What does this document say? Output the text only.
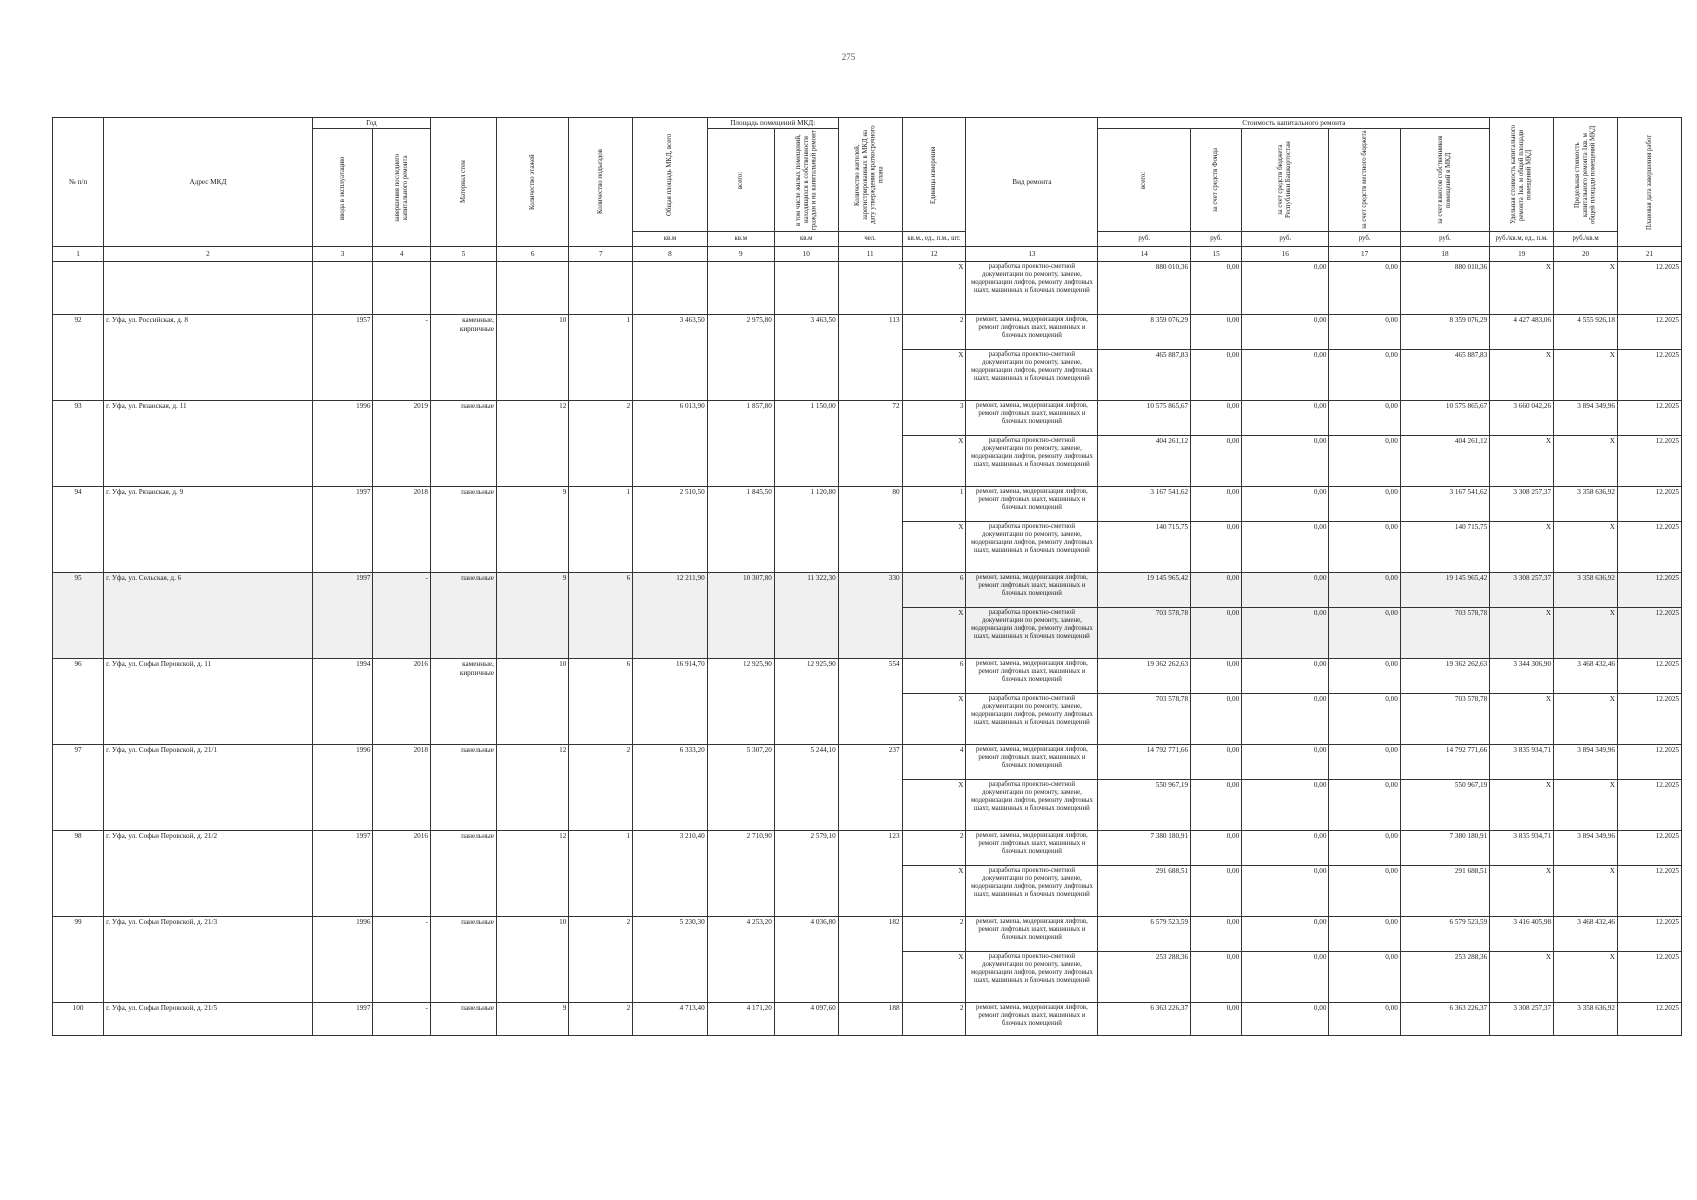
275
№ п/п	Адрес МКД	Год		Материал стен	Количество этажей	Количество подъездов	Общая площадь МКД, всего	Площадь помещений МКД:		Количество жителей, зарегистрированных в МКД на дату утверждения краткосрочного плана	Единица измерения	Вид ремонта	Стоимость капитального ремонта					Удельная стоимость капитального ремонта 1кв. м общей площади помещений МКД	Предельная стоимость капитального ремонта 1кв. м общей площади помещений МКД	Плановая дата завершения работ

		ввода в эксплуатацию	завершения последнего капитального ремонта					всего:	в том числе жилых помещений, находящихся в собственности граждан и на капитальный ремонт				всего:	за счет средств Фонда	за счет средств бюджета Республики Башкортостан	за счет средств местного бюджета	за счет взносов собственников помещений в МКД			

							кв.м	кв.м	кв.м	чел.	кв.м., ед., п.м., шт.		руб.	руб.	руб.	руб.	руб.	руб./кв.м, ед., п.м.	руб./кв.м	
1	2	3	4	5	6	7	8	9	10	11	12	13	14	15	16	17	18	19	20	21
											X	разработка проектно-сметной документации по ремонту, замене, модернизации лифтов, ремонту лифтовых шахт, машинных и блочных помещений	880 010,36	0,00	0,00	0,00	880 010,36	X	X	12.2025
92	г. Уфа, ул. Российская, д. 8	1957	-	каменные, кирпичные	10	1	3 463,50	2 975,80	3 463,50	113	2	ремонт, замена, модернизация лифтов, ремонт лифтовых шахт, машинных и блочных помещений	8 359 076,29	0,00	0,00	0,00	8 359 076,29	4 427 483,06	4 555 926,18	12.2025
											X	разработка проектно-сметной документации по ремонту, замене, модернизации лифтов, ремонту лифтовых шахт, машинных и блочных помещений	465 887,83	0,00	0,00	0,00	465 887,83	X	X	12.2025
93	г. Уфа, ул. Рязанская, д. 11	1996	2019	панельные	12	2	6 013,90	1 857,80	1 150,00	72	3	ремонт, замена, модернизация лифтов, ремонт лифтовых шахт, машинных и блочных помещений	10 575 865,67	0,00	0,00	0,00	10 575 865,67	3 660 042,26	3 894 349,96	12.2025
											X	разработка проектно-сметной документации по ремонту, замене, модернизации лифтов, ремонту лифтовых шахт, машинных и блочных помещений	404 261,12	0,00	0,00	0,00	404 261,12	X	X	12.2025
94	г. Уфа, ул. Рязанская, д. 9	1997	2018	панельные	9	1	2 510,50	1 845,50	1 120,80	80	1	ремонт, замена, модернизация лифтов, ремонт лифтовых шахт, машинных и блочных помещений	3 167 541,62	0,00	0,00	0,00	3 167 541,62	3 308 257,37	3 358 636,92	12.2025
											X	разработка проектно-сметной документации по ремонту, замене, модернизации лифтов, ремонту лифтовых шахт, машинных и блочных помещений	140 715,75	0,00	0,00	0,00	140 715,75	X	X	12.2025
95	г. Уфа, ул. Сельская, д. 6	1997	-	панельные	9	6	12 211,90	10 307,80	11 322,30	330	6	ремонт, замена, модернизация лифтов, ремонт лифтовых шахт, машинных и блочных помещений	19 145 965,42	0,00	0,00	0,00	19 145 965,42	3 308 257,37	3 358 636,92	12.2025
											X	разработка проектно-сметной документации по ремонту, замене, модернизации лифтов, ремонту лифтовых шахт, машинных и блочных помещений	703 578,78	0,00	0,00	0,00	703 578,78	X	X	12.2025
96	г. Уфа, ул. Софьи Перовской, д. 11	1994	2016	каменные, кирпичные	10	6	16 914,70	12 925,90	12 925,90	554	6	ремонт, замена, модернизация лифтов, ремонт лифтовых шахт, машинных и блочных помещений	19 362 262,63	0,00	0,00	0,00	19 362 262,63	3 344 306,90	3 468 432,46	12.2025
											X	разработка проектно-сметной документации по ремонту, замене, модернизации лифтов, ремонту лифтовых шахт, машинных и блочных помещений	703 578,78	0,00	0,00	0,00	703 578,78	X	X	12.2025
97	г. Уфа, ул. Софьи Перовской, д. 21/1	1996	2018	панельные	12	2	6 333,20	5 307,20	5 244,10	237	4	ремонт, замена, модернизация лифтов, ремонт лифтовых шахт, машинных и блочных помещений	14 792 771,66	0,00	0,00	0,00	14 792 771,66	3 835 934,71	3 894 349,96	12.2025
											X	разработка проектно-сметной документации по ремонту, замене, модернизации лифтов, ремонту лифтовых шахт, машинных и блочных помещений	550 967,19	0,00	0,00	0,00	550 967,19	X	X	12.2025
98	г. Уфа, ул. Софьи Перовской, д. 21/2	1997	2016	панельные	12	1	3 210,40	2 710,90	2 579,10	123	2	ремонт, замена, модернизация лифтов, ремонт лифтовых шахт, машинных и блочных помещений	7 380 180,91	0,00	0,00	0,00	7 380 180,91	3 835 934,71	3 894 349,96	12.2025
											X	разработка проектно-сметной документации по ремонту, замене, модернизации лифтов, ремонту лифтовых шахт, машинных и блочных помещений	291 688,51	0,00	0,00	0,00	291 688,51	X	X	12.2025
99	г. Уфа, ул. Софьи Перовской, д. 21/3	1996	-	панельные	10	2	5 230,30	4 253,20	4 036,80	182	2	ремонт, замена, модернизация лифтов, ремонт лифтовых шахт, машинных и блочных помещений	6 579 523,59	0,00	0,00	0,00	6 579 523,59	3 416 405,98	3 468 432,46	12.2025
											X	разработка проектно-сметной документации по ремонту, замене, модернизации лифтов, ремонту лифтовых шахт, машинных и блочных помещений	253 288,36	0,00	0,00	0,00	253 288,36	X	X	12.2025
100	г. Уфа, ул. Софьи Перовской, д. 21/5	1997	-	панельные	9	2	4 713,40	4 171,20	4 097,60	188	2	ремонт, замена, модернизация лифтов, ремонт лифтовых шахт, машинных и блочных помещений	6 363 226,37	0,00	0,00	0,00	6 363 226,37	3 308 257,37	3 358 636,92	12.2025
